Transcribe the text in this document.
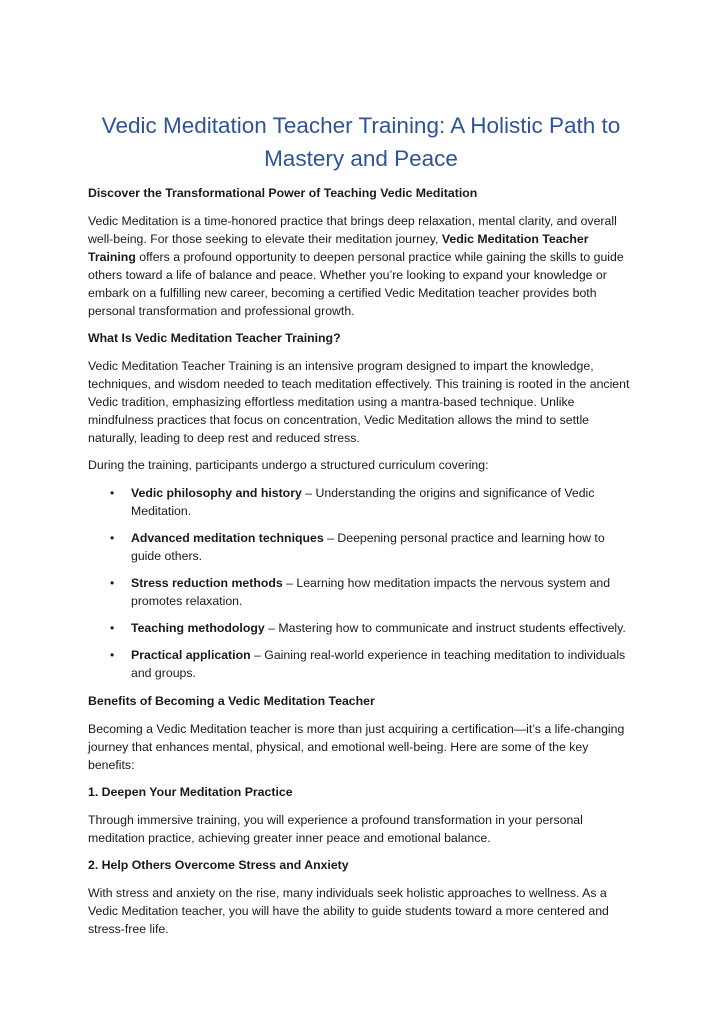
Vedic Meditation Teacher Training: A Holistic Path to
Mastery and Peace

Discover the Transformational Power of Teaching Vedic Meditation

Vedic Meditation is a time-honored practice that brings deep relaxation, mental clarity, and overall well-being. For those seeking to elevate their meditation journey, Vedic Meditation Teacher Training offers a profound opportunity to deepen personal practice while gaining the skills to guide others toward a life of balance and peace. Whether you’re looking to expand your knowledge or embark on a fulfilling new career, becoming a certified Vedic Meditation teacher provides both personal transformation and professional growth.

What Is Vedic Meditation Teacher Training?

Vedic Meditation Teacher Training is an intensive program designed to impart the knowledge, techniques, and wisdom needed to teach meditation effectively. This training is rooted in the ancient Vedic tradition, emphasizing effortless meditation using a mantra-based technique. Unlike mindfulness practices that focus on concentration, Vedic Meditation allows the mind to settle naturally, leading to deep rest and reduced stress.

During the training, participants undergo a structured curriculum covering:

• Vedic philosophy and history – Understanding the origins and significance of Vedic Meditation.
• Advanced meditation techniques – Deepening personal practice and learning how to guide others.
• Stress reduction methods – Learning how meditation impacts the nervous system and promotes relaxation.
• Teaching methodology – Mastering how to communicate and instruct students effectively.
• Practical application – Gaining real-world experience in teaching meditation to individuals and groups.

Benefits of Becoming a Vedic Meditation Teacher

Becoming a Vedic Meditation teacher is more than just acquiring a certification—it’s a life-changing journey that enhances mental, physical, and emotional well-being. Here are some of the key benefits:

1. Deepen Your Meditation Practice

Through immersive training, you will experience a profound transformation in your personal meditation practice, achieving greater inner peace and emotional balance.

2. Help Others Overcome Stress and Anxiety

With stress and anxiety on the rise, many individuals seek holistic approaches to wellness. As a Vedic Meditation teacher, you will have the ability to guide students toward a more centered and stress-free life.
